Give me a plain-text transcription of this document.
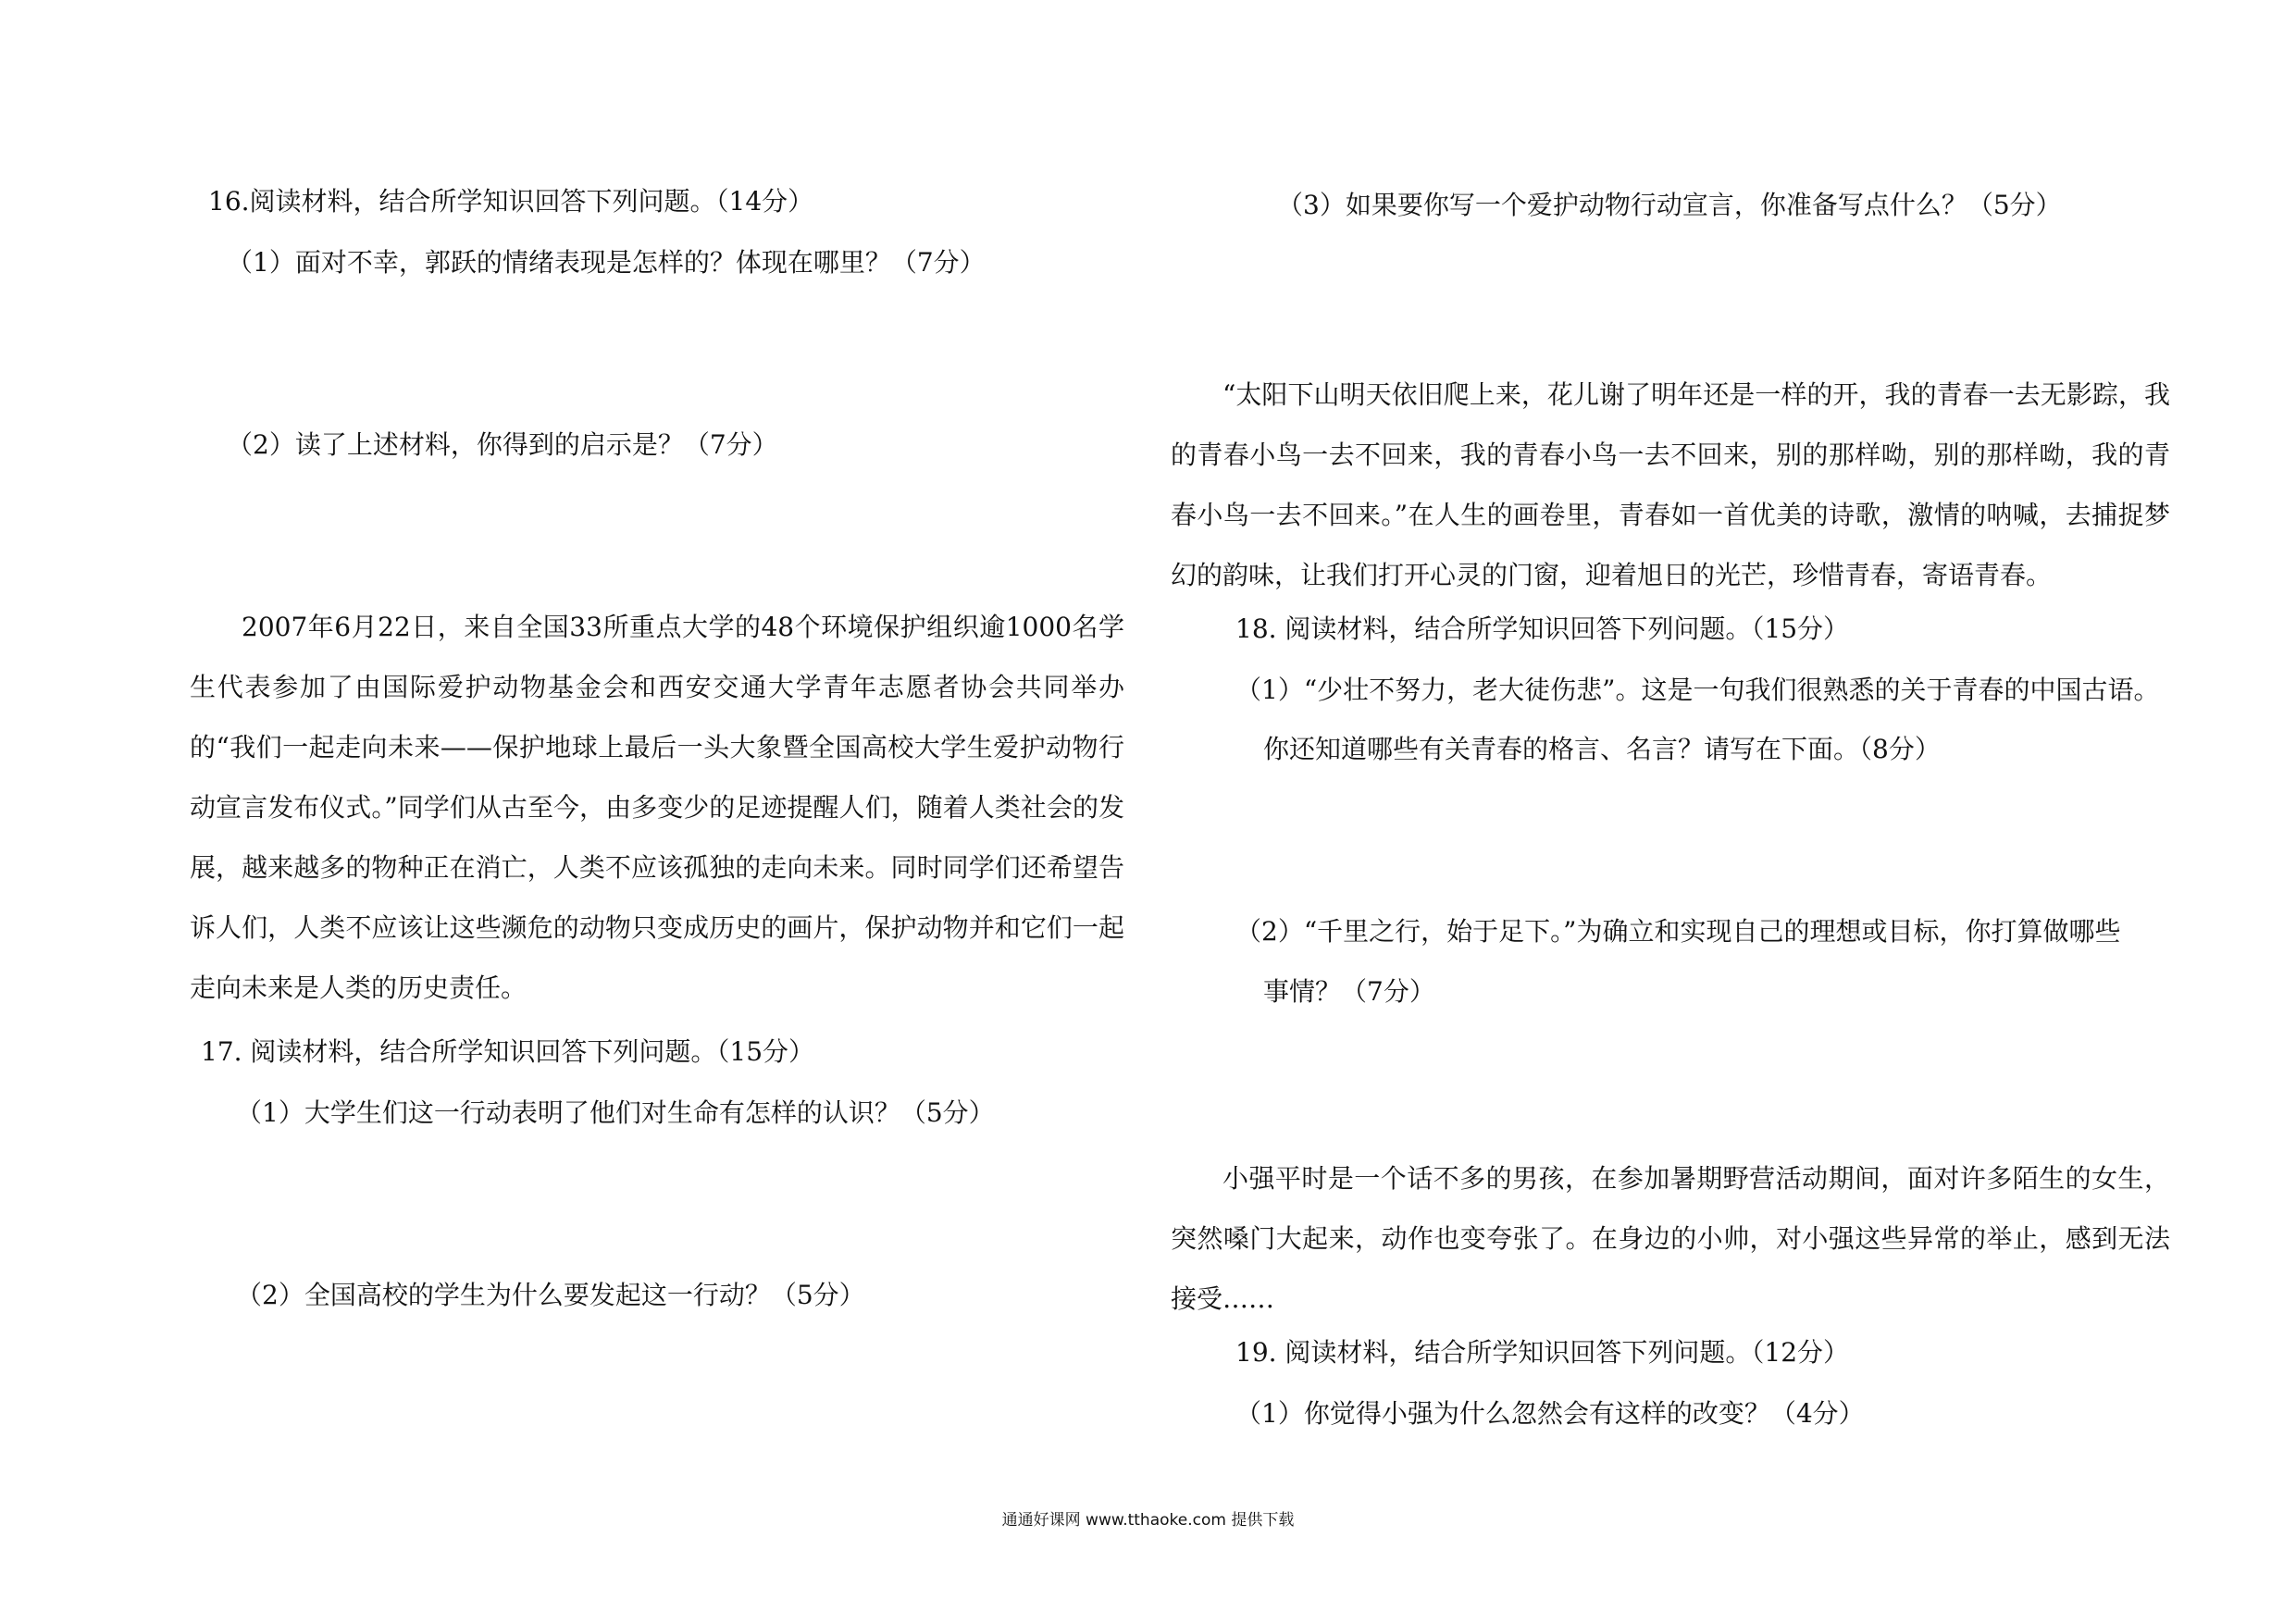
16.阅读材料，结合所学知识回答下列问题。（14分）
（1）面对不幸，郭跃的情绪表现是怎样的？体现在哪里？（7分）
（2）读了上述材料，你得到的启示是？（7分）
2007年6月22日，来自全国33所重点大学的48个环境保护组织逾1000名学生代表参加了由国际爱护动物基金会和西安交通大学青年志愿者协会共同举办的“我们一起走向未来——保护地球上最后一头大象暨全国高校大学生爱护动物行动宣言发布仪式。”同学们从古至今，由多变少的足迹提醒人们，随着人类社会的发展，越来越多的物种正在消亡，人类不应该孤独的走向未来。同时同学们还希望告诉人们，人类不应该让这些濒危的动物只变成历史的画片，保护动物并和它们一起走向未来是人类的历史责任。
17. 阅读材料，结合所学知识回答下列问题。（15分）
（1）大学生们这一行动表明了他们对生命有怎样的认识？（5分）
（2）全国高校的学生为什么要发起这一行动？（5分）
（3）如果要你写一个爱护动物行动宣言，你准备写点什么？（5分）
“太阳下山明天依旧爬上来，花儿谢了明年还是一样的开，我的青春一去无影踪，我的青春小鸟一去不回来，我的青春小鸟一去不回来，别的那样呦，别的那样呦，我的青春小鸟一去不回来。”在人生的画卷里，青春如一首优美的诗歌，激情的呐喊，去捕捉梦幻的韵味，让我们打开心灵的门窗，迎着旭日的光芒，珍惜青春，寄语青春。
18. 阅读材料，结合所学知识回答下列问题。（15分）
（1）“少壮不努力，老大徒伤悲”。这是一句我们很熟悉的关于青春的中国古语。
你还知道哪些有关青春的格言、名言？请写在下面。（8分）
（2）“千里之行，始于足下。”为确立和实现自己的理想或目标，你打算做哪些
事情？（7分）
小强平时是一个话不多的男孩，在参加暑期野营活动期间，面对许多陌生的女生，突然嗓门大起来，动作也变夸张了。在身边的小帅，对小强这些异常的举止，感到无法接受……
19. 阅读材料，结合所学知识回答下列问题。（12分）
（1）你觉得小强为什么忽然会有这样的改变？（4分）
通通好课网 www.tthaoke.com 提供下载
